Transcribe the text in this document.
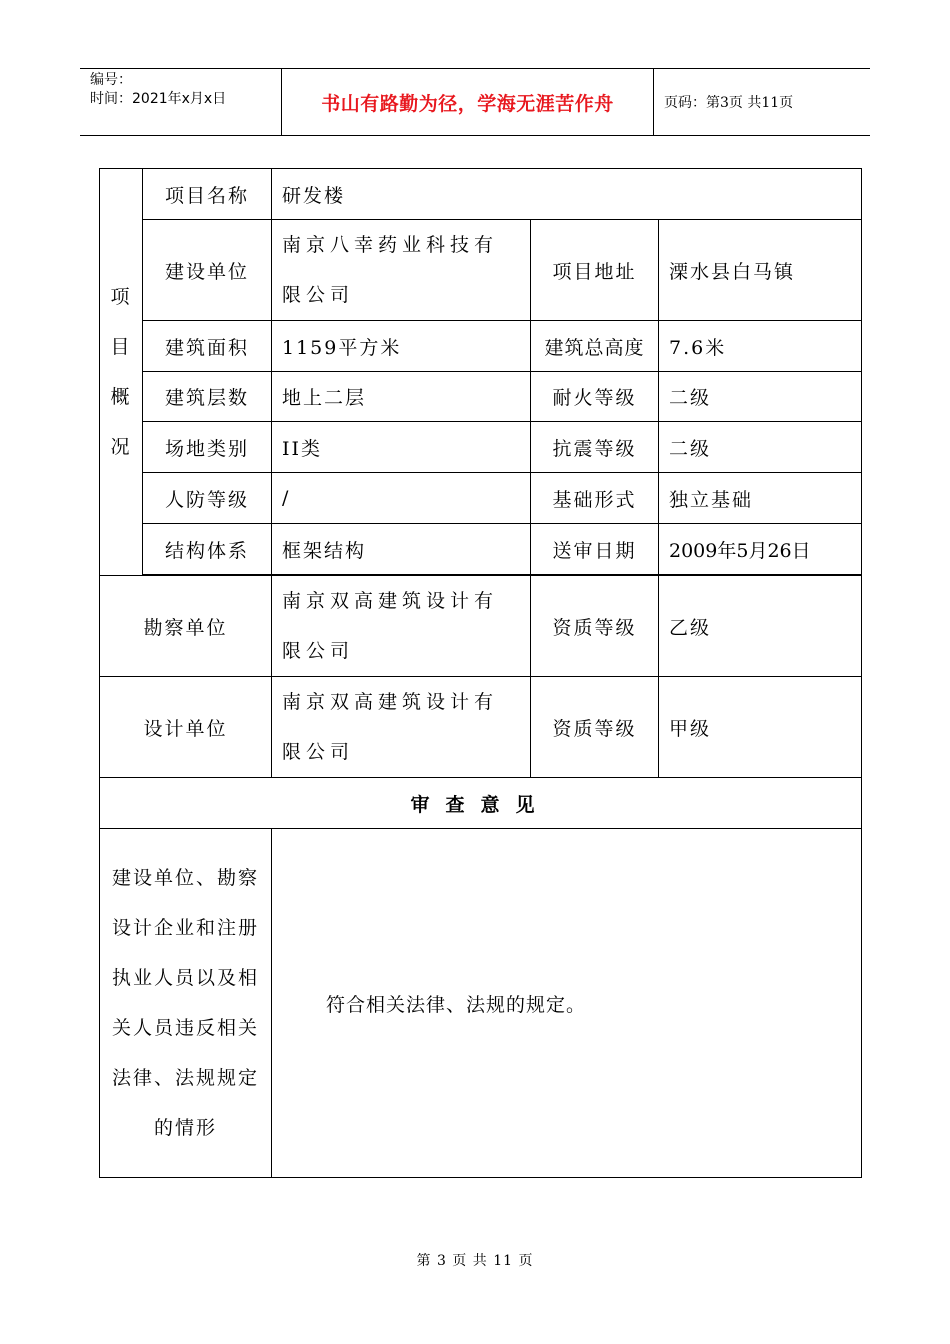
编号：
时间：2021年x月x日	书山有路勤为径，学海无涯苦作舟	页码：第3页 共11页
项
目
概
况	项目名称	研发楼		
	建设单位	南京八幸药业科技有限公司	项目地址	溧水县白马镇
	建筑面积	1159平方米	建筑总高度	7.6米
	建筑层数	地上二层	耐火等级	二级
	场地类别	II类	抗震等级	二级
	人防等级	/	基础形式	独立基础
	结构体系	框架结构	送审日期	2009年5月26日

勘察单位		南京双高建筑设计有限公司	资质等级	乙级
设计单位		南京双高建筑设计有限公司	资质等级	甲级
审查意见				
建设单位、勘察设计企业和注册执业人员以及相关人员违反相关法律、法规规定的情形		符合相关法律、法规的规定。		
第 3 页 共 11 页
